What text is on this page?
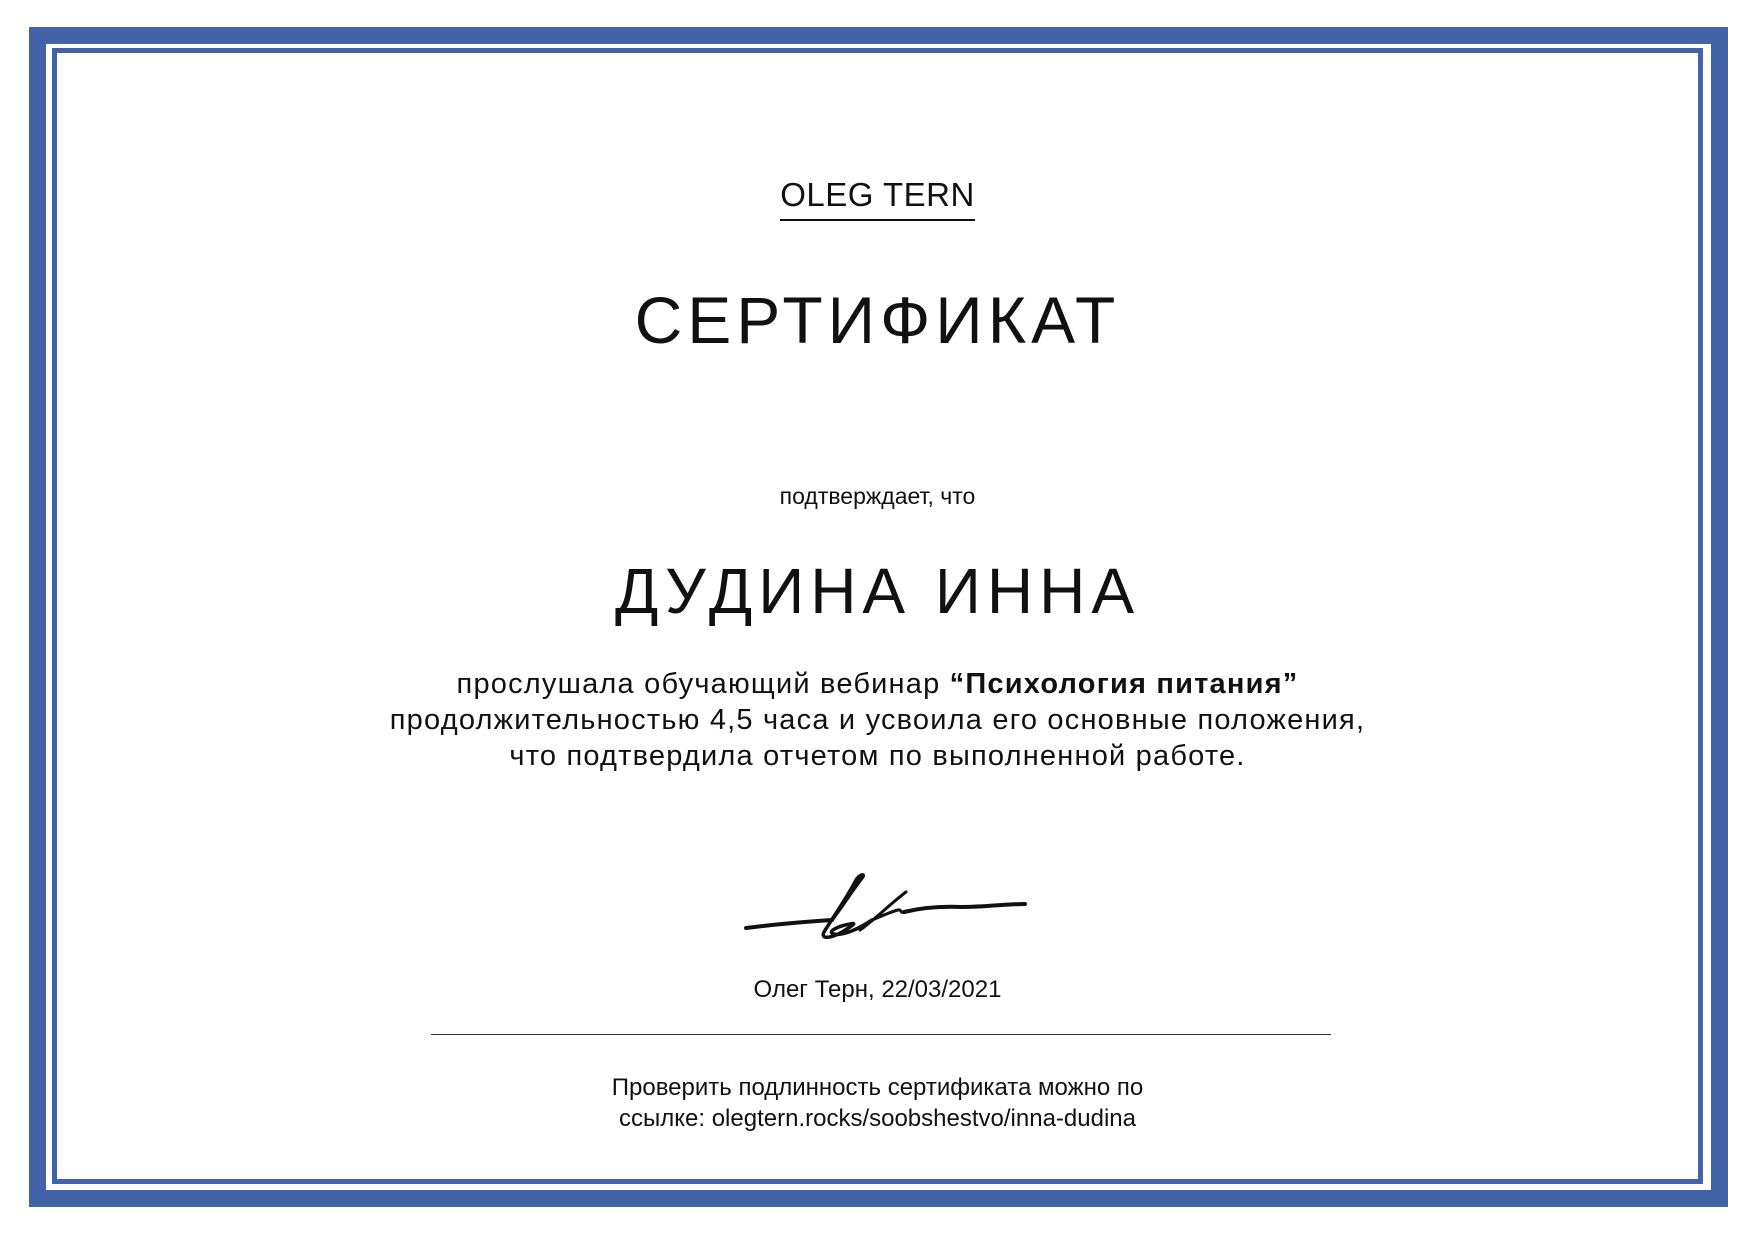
OLEG TERN
СЕРТИФИКАТ
подтверждает, что
ДУДИНА ИННА
прослушала обучающий вебинар “Психология питания”
продолжительностью 4,5 часа и усвоила его основные положения,
что подтвердила отчетом по выполненной работе.
Олег Терн, 22/03/2021
Проверить подлинность сертификата можно по
ссылке: olegtern.rocks/soobshestvo/inna-dudina
